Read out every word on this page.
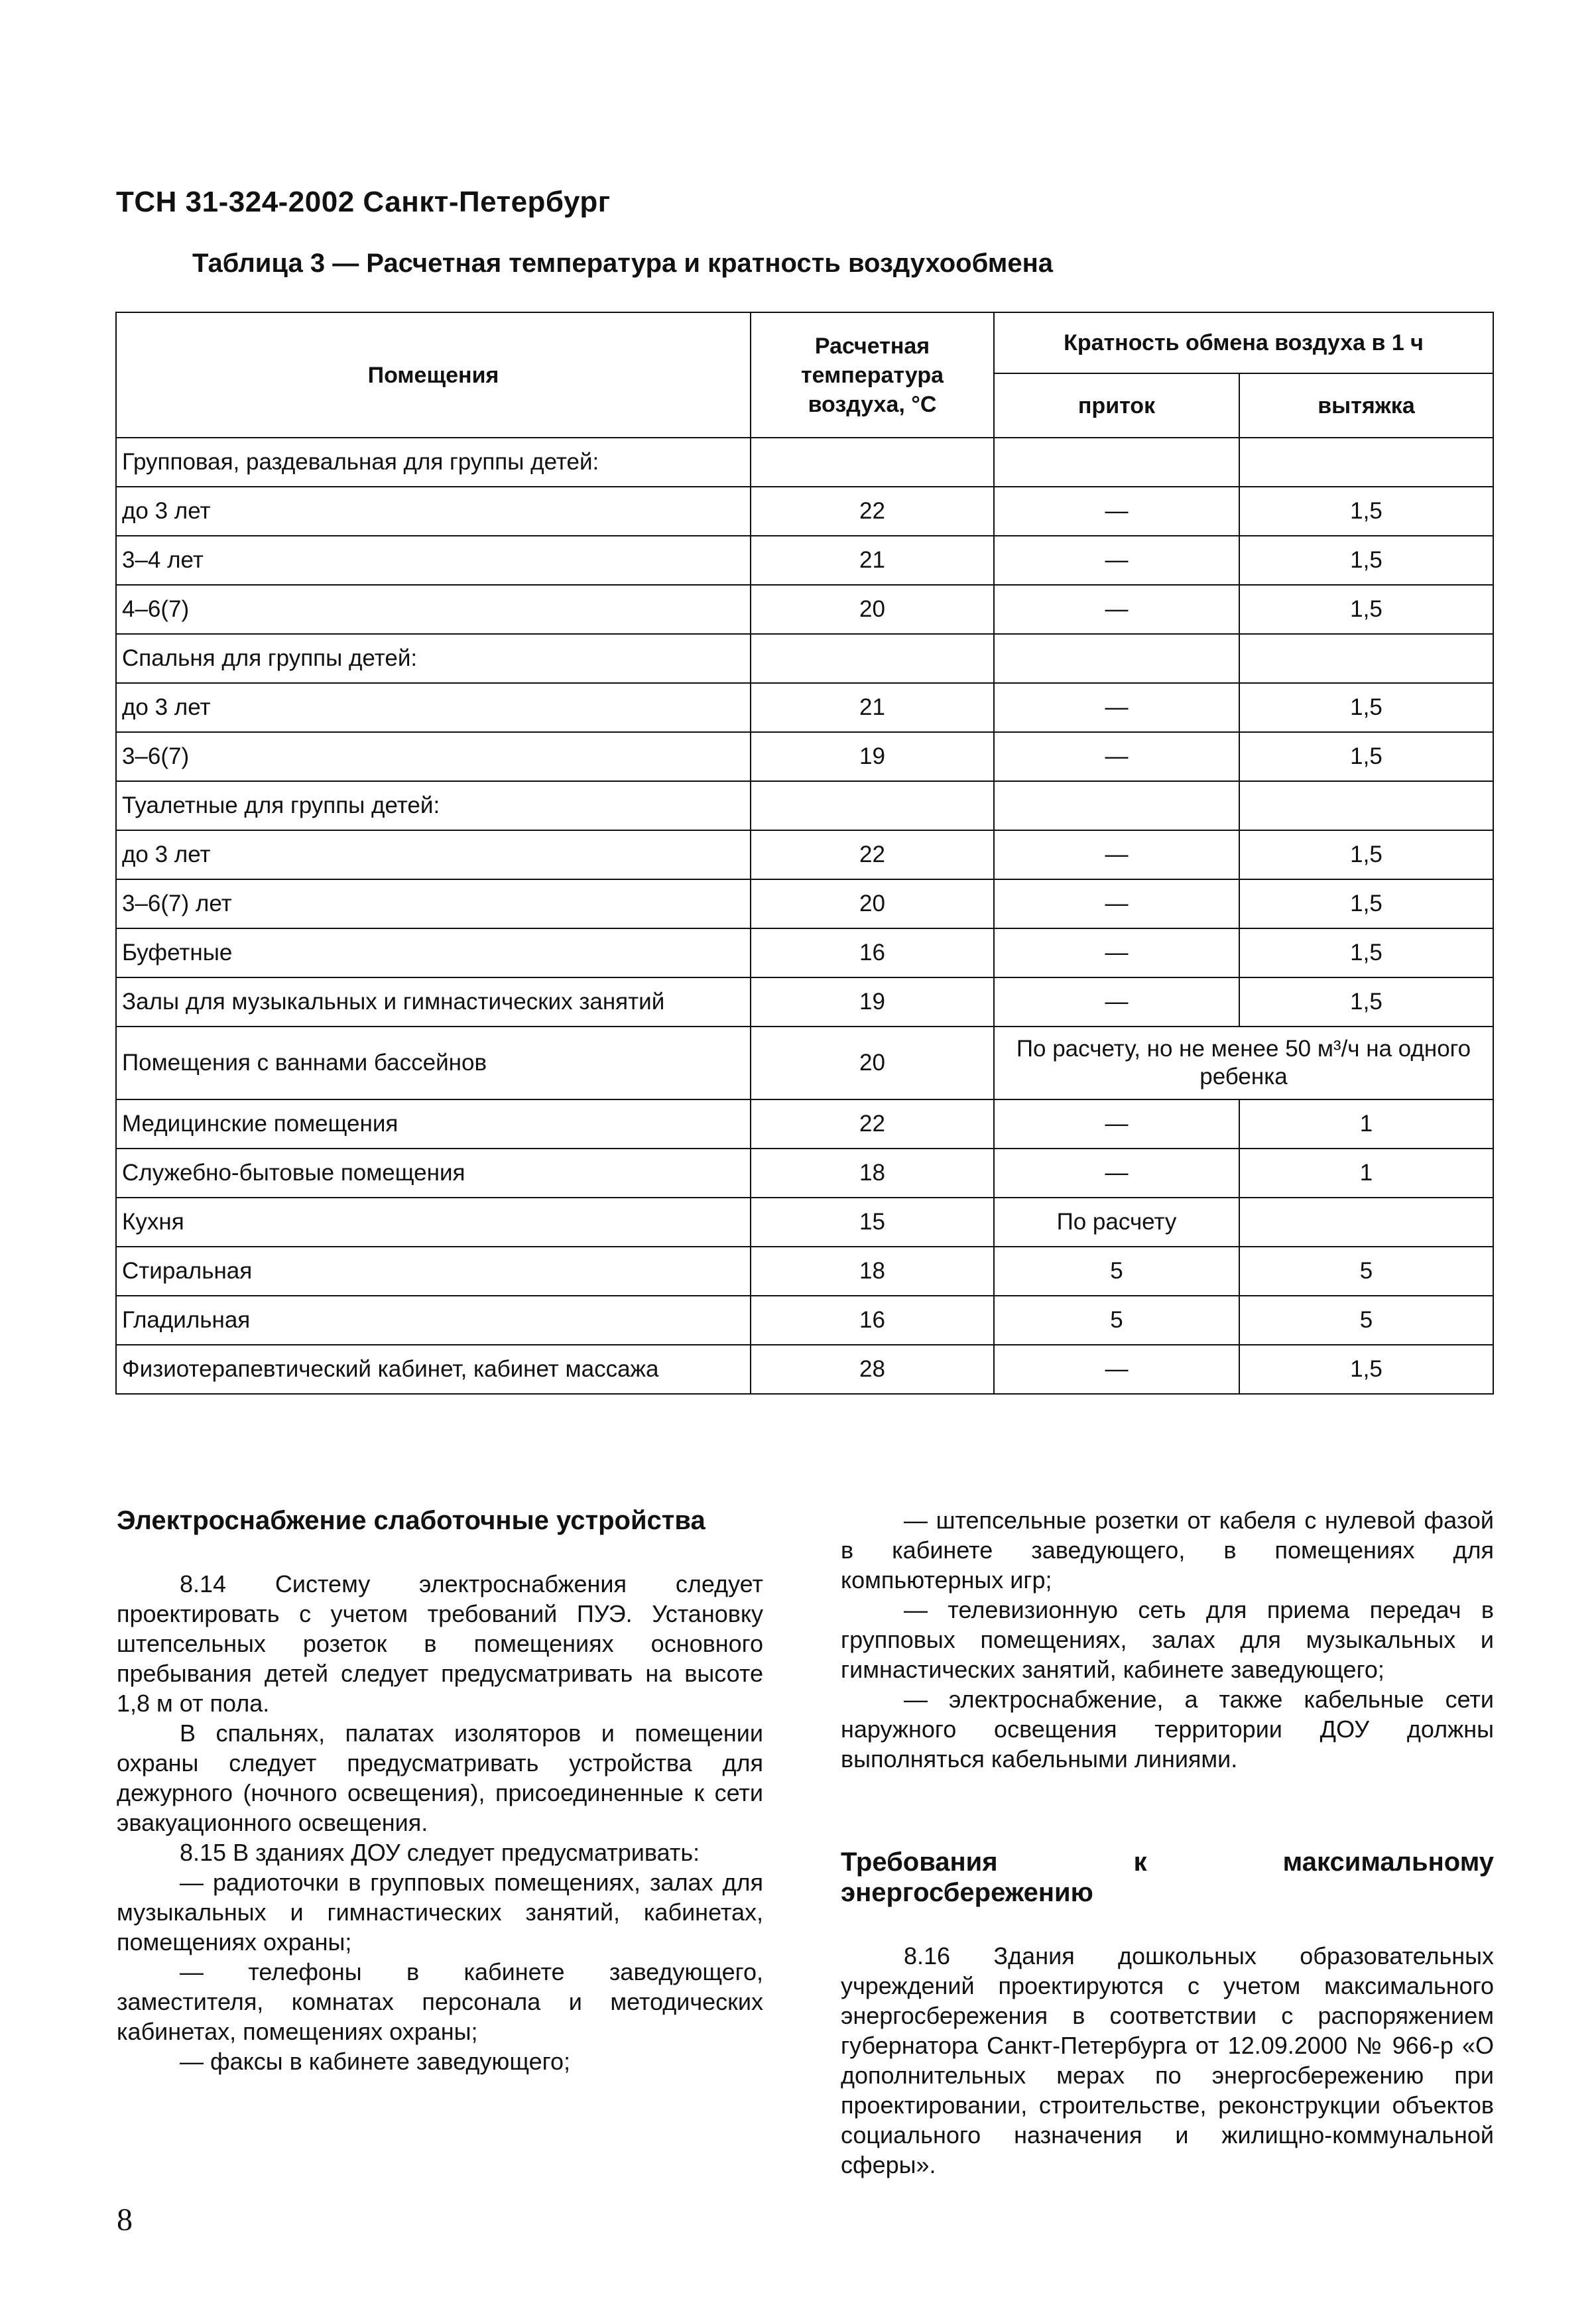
ТСН 31-324-2002 Санкт-Петербург
Таблица 3 — Расчетная температура и кратность воздухообмена
Помещения	Расчетная температура воздуха, °С	Кратность обмена воздуха в 1 ч	
		приток	вытяжка
Групповая, раздевальная для группы детей:			
до 3 лет	22	—	1,5
3–4 лет	21	—	1,5
4–6(7)	20	—	1,5
Спальня для группы детей:			
до 3 лет	21	—	1,5
3–6(7)	19	—	1,5
Туалетные для группы детей:			
до 3 лет	22	—	1,5
3–6(7) лет	20	—	1,5
Буфетные	16	—	1,5
Залы для музыкальных и гимнастических занятий	19	—	1,5
Помещения с ваннами бассейнов	20	По расчету, но не менее 50 м³/ч на одного ребенка	
Медицинские помещения	22	—	1
Служебно-бытовые помещения	18	—	1
Кухня	15	По расчету	
Стиральная	18	5	5
Гладильная	16	5	5
Физиотерапевтический кабинет, кабинет массажа	28	—	1,5

Электроснабжение слаботочные устройства

8.14 Систему электроснабжения следует проектировать с учетом требований ПУЭ. Установку штепсельных розеток в помещениях основного пребывания детей следует предусматривать на высоте 1,8 м от пола.

В спальнях, палатах изоляторов и помещении охраны следует предусматривать устройства для дежурного (ночного освещения), присоединенные к сети эвакуационного освещения.

8.15 В зданиях ДОУ следует предусматривать:

— радиоточки в групповых помещениях, залах для музыкальных и гимнастических занятий, кабинетах, помещениях охраны;

— телефоны в кабинете заведующего, заместителя, комнатах персонала и методических кабинетах, помещениях охраны;

— факсы в кабинете заведующего;

— штепсельные розетки от кабеля с нулевой фазой в кабинете заведующего, в помещениях для компьютерных игр;

— телевизионную сеть для приема передач в групповых помещениях, залах для музыкальных и гимнастических занятий, кабинете заведующего;

— электроснабжение, а также кабельные сети наружного освещения территории ДОУ должны выполняться кабельными линиями.

Требования к максимальному энергосбережению

8.16 Здания дошкольных образовательных учреждений проектируются с учетом максимального энергосбережения в соответствии с распоряжением губернатора Санкт-Петербурга от 12.09.2000 № 966-р «О дополнительных мерах по энергосбережению при проектировании, строительстве, реконструкции объектов социального назначения и жилищно-коммунальной сферы».

8
